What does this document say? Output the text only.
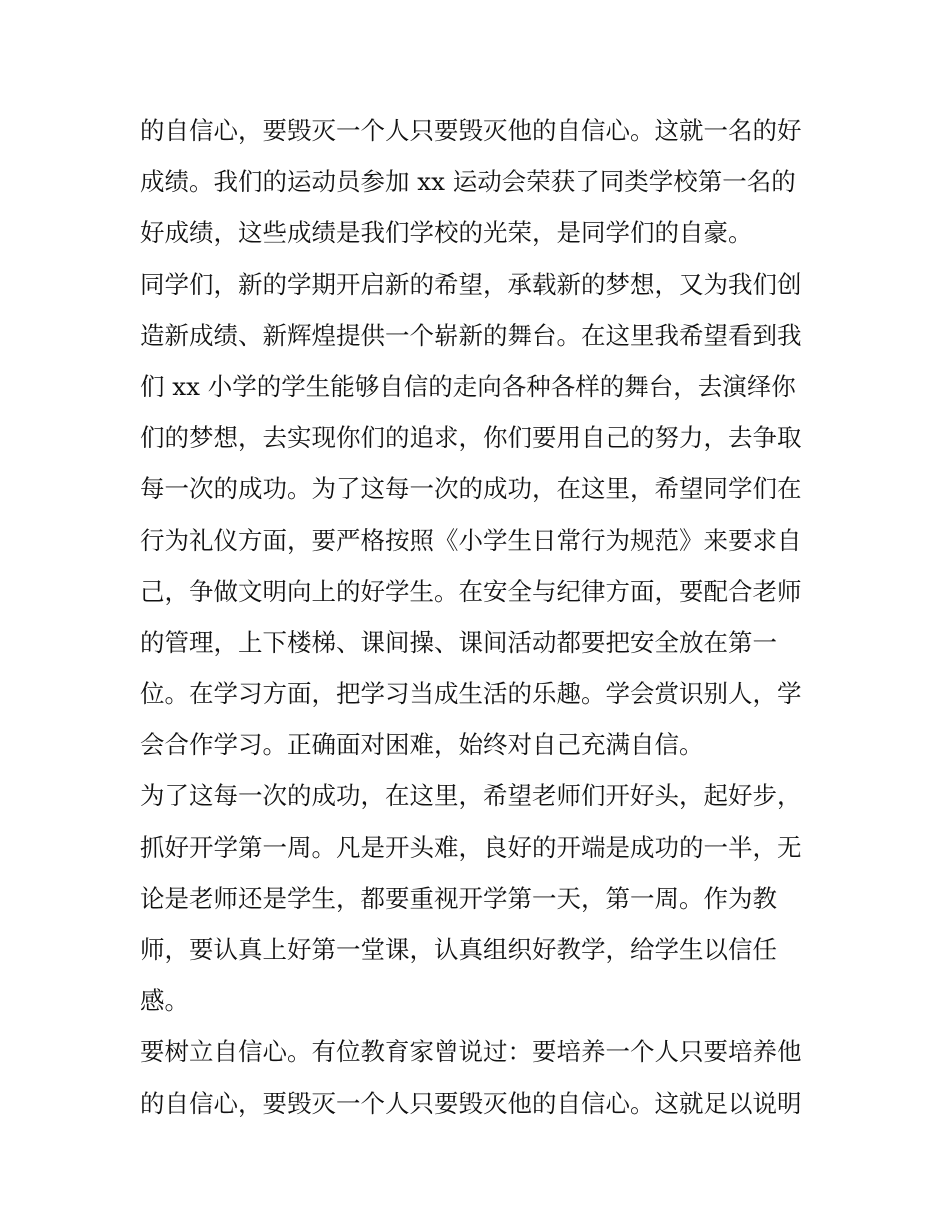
的自信心，要毁灭一个人只要毁灭他的自信心。这就一名的好
成绩。我们的运动员参加 xx 运动会荣获了同类学校第一名的
好成绩，这些成绩是我们学校的光荣，是同学们的自豪。
同学们，新的学期开启新的希望，承载新的梦想，又为我们创
造新成绩、新辉煌提供一个崭新的舞台。在这里我希望看到我
们 xx 小学的学生能够自信的走向各种各样的舞台，去演绎你
们的梦想，去实现你们的追求，你们要用自己的努力，去争取
每一次的成功。为了这每一次的成功，在这里，希望同学们在
行为礼仪方面，要严格按照《小学生日常行为规范》来要求自
己，争做文明向上的好学生。在安全与纪律方面，要配合老师
的管理，上下楼梯、课间操、课间活动都要把安全放在第一
位。在学习方面，把学习当成生活的乐趣。学会赏识别人，学
会合作学习。正确面对困难，始终对自己充满自信。
为了这每一次的成功，在这里，希望老师们开好头，起好步，
抓好开学第一周。凡是开头难，良好的开端是成功的一半，无
论是老师还是学生，都要重视开学第一天，第一周。作为教
师，要认真上好第一堂课，认真组织好教学，给学生以信任
感。
要树立自信心。有位教育家曾说过：要培养一个人只要培养他
的自信心，要毁灭一个人只要毁灭他的自信心。这就足以说明
